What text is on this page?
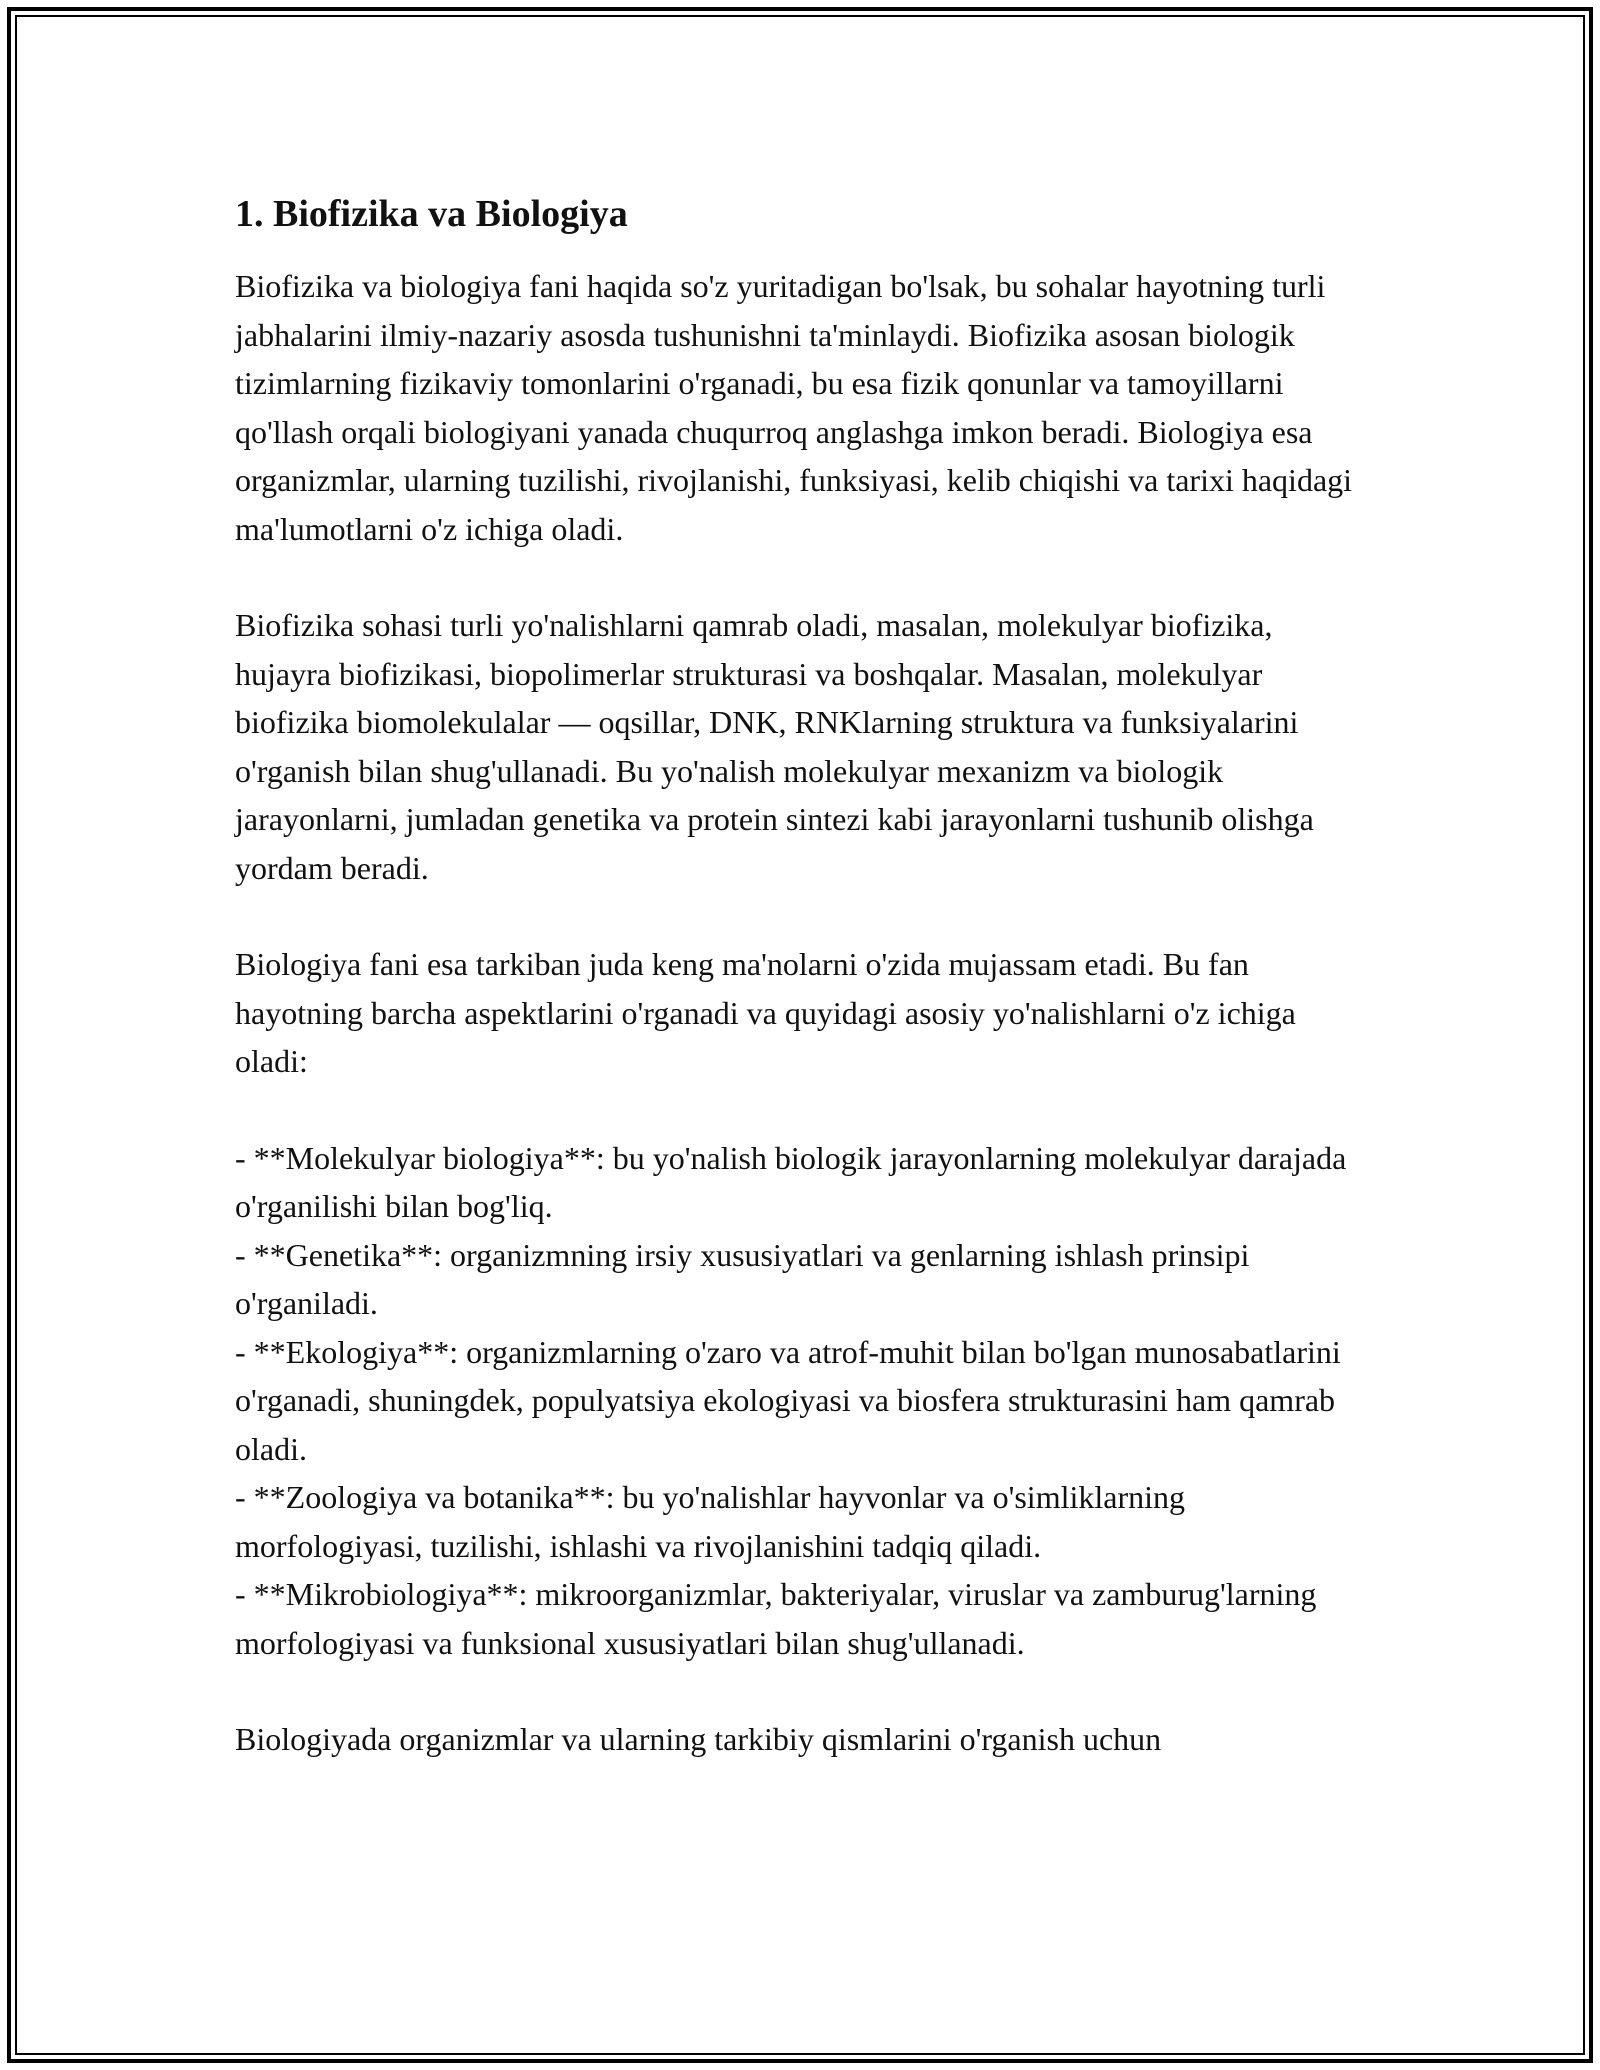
1. Biofizika va Biologiya

Biofizika va biologiya fani haqida so'z yuritadigan bo'lsak, bu sohalar hayotning turli jabhalarini ilmiy-nazariy asosda tushunishni ta'minlaydi. Biofizika asosan biologik tizimlarning fizikaviy tomonlarini o'rganadi, bu esa fizik qonunlar va tamoyillarni qo'llash orqali biologiyani yanada chuqurroq anglashga imkon beradi. Biologiya esa organizmlar, ularning tuzilishi, rivojlanishi, funksiyasi, kelib chiqishi va tarixi haqidagi ma'lumotlarni o'z ichiga oladi.

Biofizika sohasi turli yo'nalishlarni qamrab oladi, masalan, molekulyar biofizika, hujayra biofizikasi, biopolimerlar strukturasi va boshqalar. Masalan, molekulyar biofizika biomolekulalar — oqsillar, DNK, RNKlarning struktura va funksiyalarini o'rganish bilan shug'ullanadi. Bu yo'nalish molekulyar mexanizm va biologik jarayonlarni, jumladan genetika va protein sintezi kabi jarayonlarni tushunib olishga yordam beradi.

Biologiya fani esa tarkiban juda keng ma'nolarni o'zida mujassam etadi. Bu fan hayotning barcha aspektlarini o'rganadi va quyidagi asosiy yo'nalishlarni o'z ichiga oladi:

- **Molekulyar biologiya**: bu yo'nalish biologik jarayonlarning molekulyar darajada o'rganilishi bilan bog'liq.
- **Genetika**: organizmning irsiy xususiyatlari va genlarning ishlash prinsipi o'rganiladi.
- **Ekologiya**: organizmlarning o'zaro va atrof-muhit bilan bo'lgan munosabatlarini o'rganadi, shuningdek, populyatsiya ekologiyasi va biosfera strukturasini ham qamrab oladi.
- **Zoologiya va botanika**: bu yo'nalishlar hayvonlar va o'simliklarning morfologiyasi, tuzilishi, ishlashi va rivojlanishini tadqiq qiladi.
- **Mikrobiologiya**: mikroorganizmlar, bakteriyalar, viruslar va zamburug'larning morfologiyasi va funksional xususiyatlari bilan shug'ullanadi.

Biologiyada organizmlar va ularning tarkibiy qismlarini o'rganish uchun
